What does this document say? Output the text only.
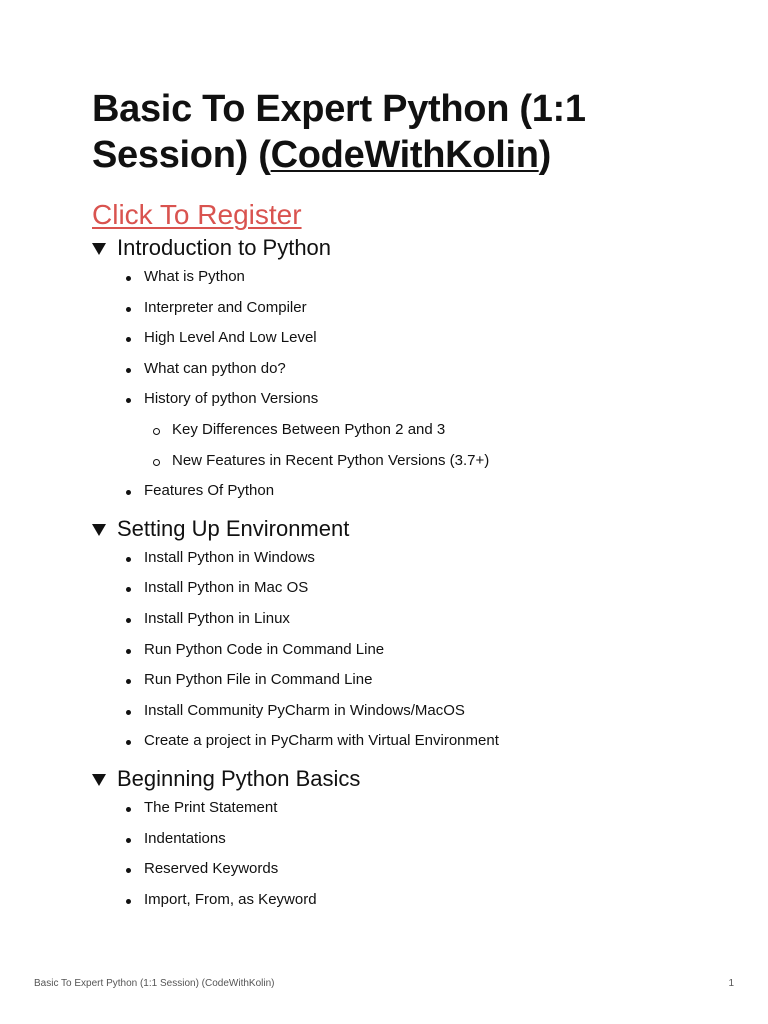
Basic To Expert Python (1:1 Session) (CodeWithKolin)
Click To Register
Introduction to Python
What is Python
Interpreter and Compiler
High Level And Low Level
What can python do?
History of python Versions
Key Differences Between Python 2 and 3
New Features in Recent Python Versions (3.7+)
Features Of Python
Setting Up Environment
Install Python in Windows
Install Python in Mac OS
Install Python in Linux
Run Python Code in Command Line
Run Python File in Command Line
Install Community PyCharm in Windows/MacOS
Create a project in PyCharm with Virtual Environment
Beginning Python Basics
The Print Statement
Indentations
Reserved Keywords
Import, From, as Keyword
Basic To Expert Python (1:1 Session) (CodeWithKolin)	1
